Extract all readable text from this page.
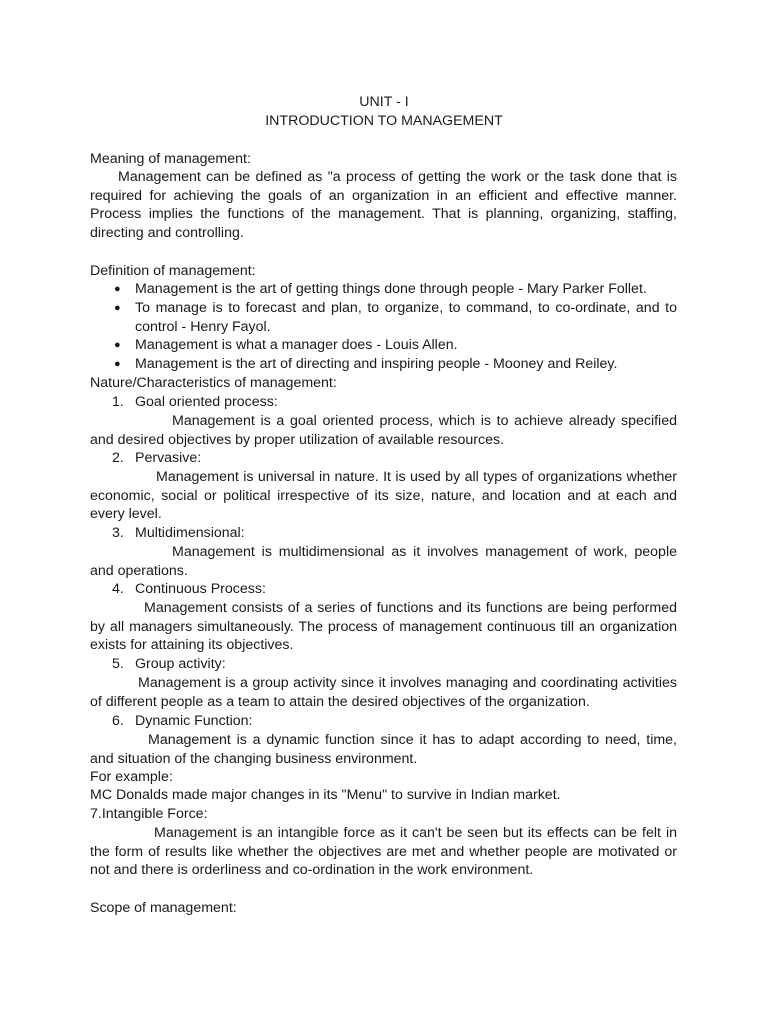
UNIT - I
INTRODUCTION TO MANAGEMENT
Meaning of management:
Management can be defined as "a process of getting the work or the task done that is required for achieving the goals of an organization in an efficient and effective manner. Process implies the functions of the management. That is planning, organizing, staffing, directing and controlling.
Definition of management:
● Management is the art of getting things done through people - Mary Parker Follet.
● To manage is to forecast and plan, to organize, to command, to co-ordinate, and to control - Henry Fayol.
● Management is what a manager does - Louis Allen.
● Management is the art of directing and inspiring people - Mooney and Reiley.
Nature/Characteristics of management:
1. Goal oriented process:
Management is a goal oriented process, which is to achieve already specified and desired objectives by proper utilization of available resources.
2. Pervasive:
Management is universal in nature. It is used by all types of organizations whether economic, social or political irrespective of its size, nature, and location and at each and every level.
3. Multidimensional:
Management is multidimensional as it involves management of work, people and operations.
4. Continuous Process:
Management consists of a series of functions and its functions are being performed by all managers simultaneously. The process of management continuous till an organization exists for attaining its objectives.
5. Group activity:
Management is a group activity since it involves managing and coordinating activities of different people as a team to attain the desired objectives of the organization.
6. Dynamic Function:
Management is a dynamic function since it has to adapt according to need, time, and situation of the changing business environment.
For example:
MC Donalds made major changes in its "Menu" to survive in Indian market.
7.Intangible Force:
Management is an intangible force as it can't be seen but its effects can be felt in the form of results like whether the objectives are met and whether people are motivated or not and there is orderliness and co-ordination in the work environment.
Scope of management:
